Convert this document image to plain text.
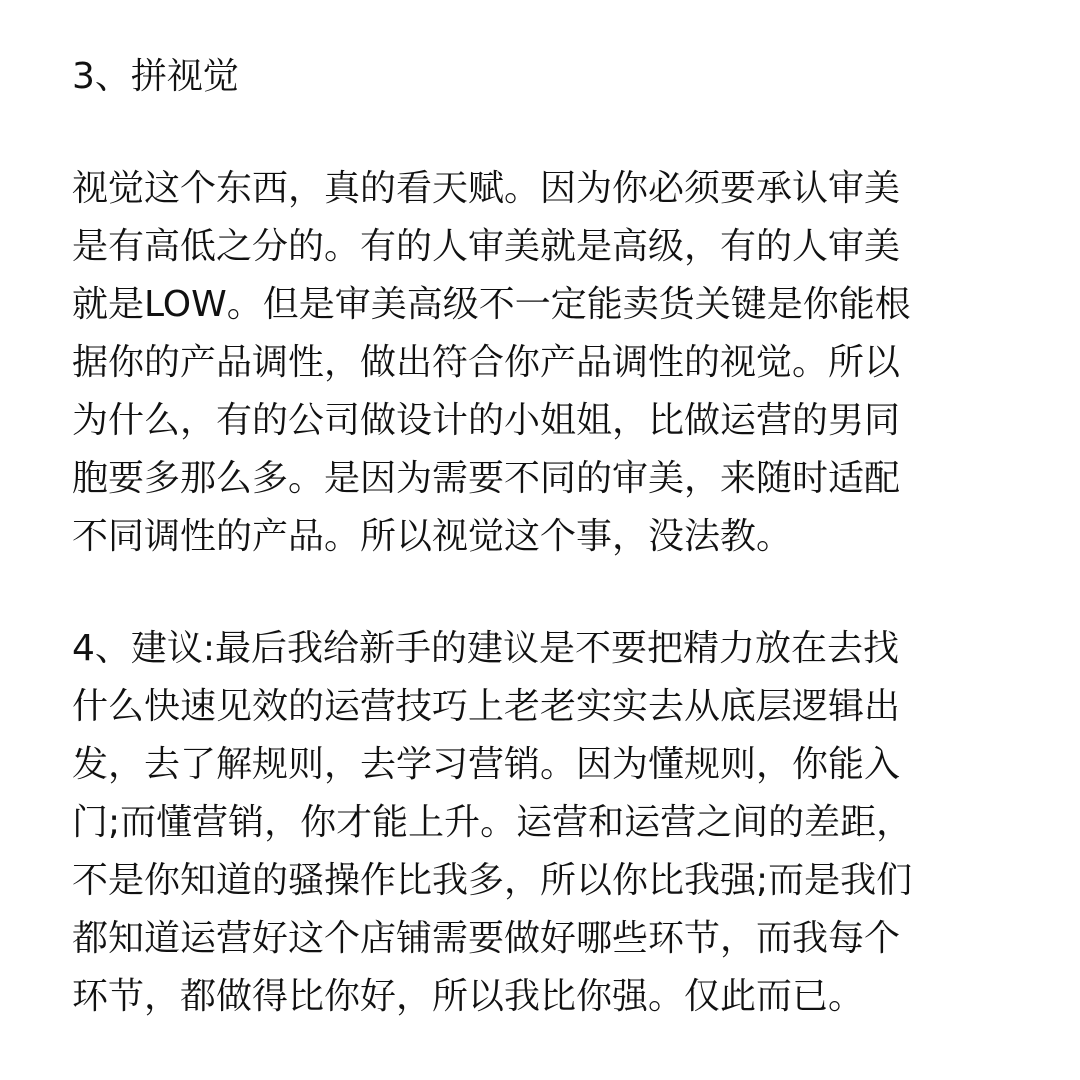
3、拼视觉
视觉这个东西，真的看天赋。因为你必须要承认审美
是有高低之分的。有的人审美就是高级，有的人审美
就是LOW。但是审美高级不一定能卖货关键是你能根
据你的产品调性，做出符合你产品调性的视觉。所以
为什么，有的公司做设计的小姐姐，比做运营的男同
胞要多那么多。是因为需要不同的审美，来随时适配
不同调性的产品。所以视觉这个事，没法教。
4、建议:最后我给新手的建议是不要把精力放在去找
什么快速见效的运营技巧上老老实实去从底层逻辑出
发，去了解规则，去学习营销。因为懂规则，你能入
门;而懂营销，你才能上升。运营和运营之间的差距，
不是你知道的骚操作比我多，所以你比我强;而是我们
都知道运营好这个店铺需要做好哪些环节，而我每个
环节，都做得比你好，所以我比你强。仅此而已。
